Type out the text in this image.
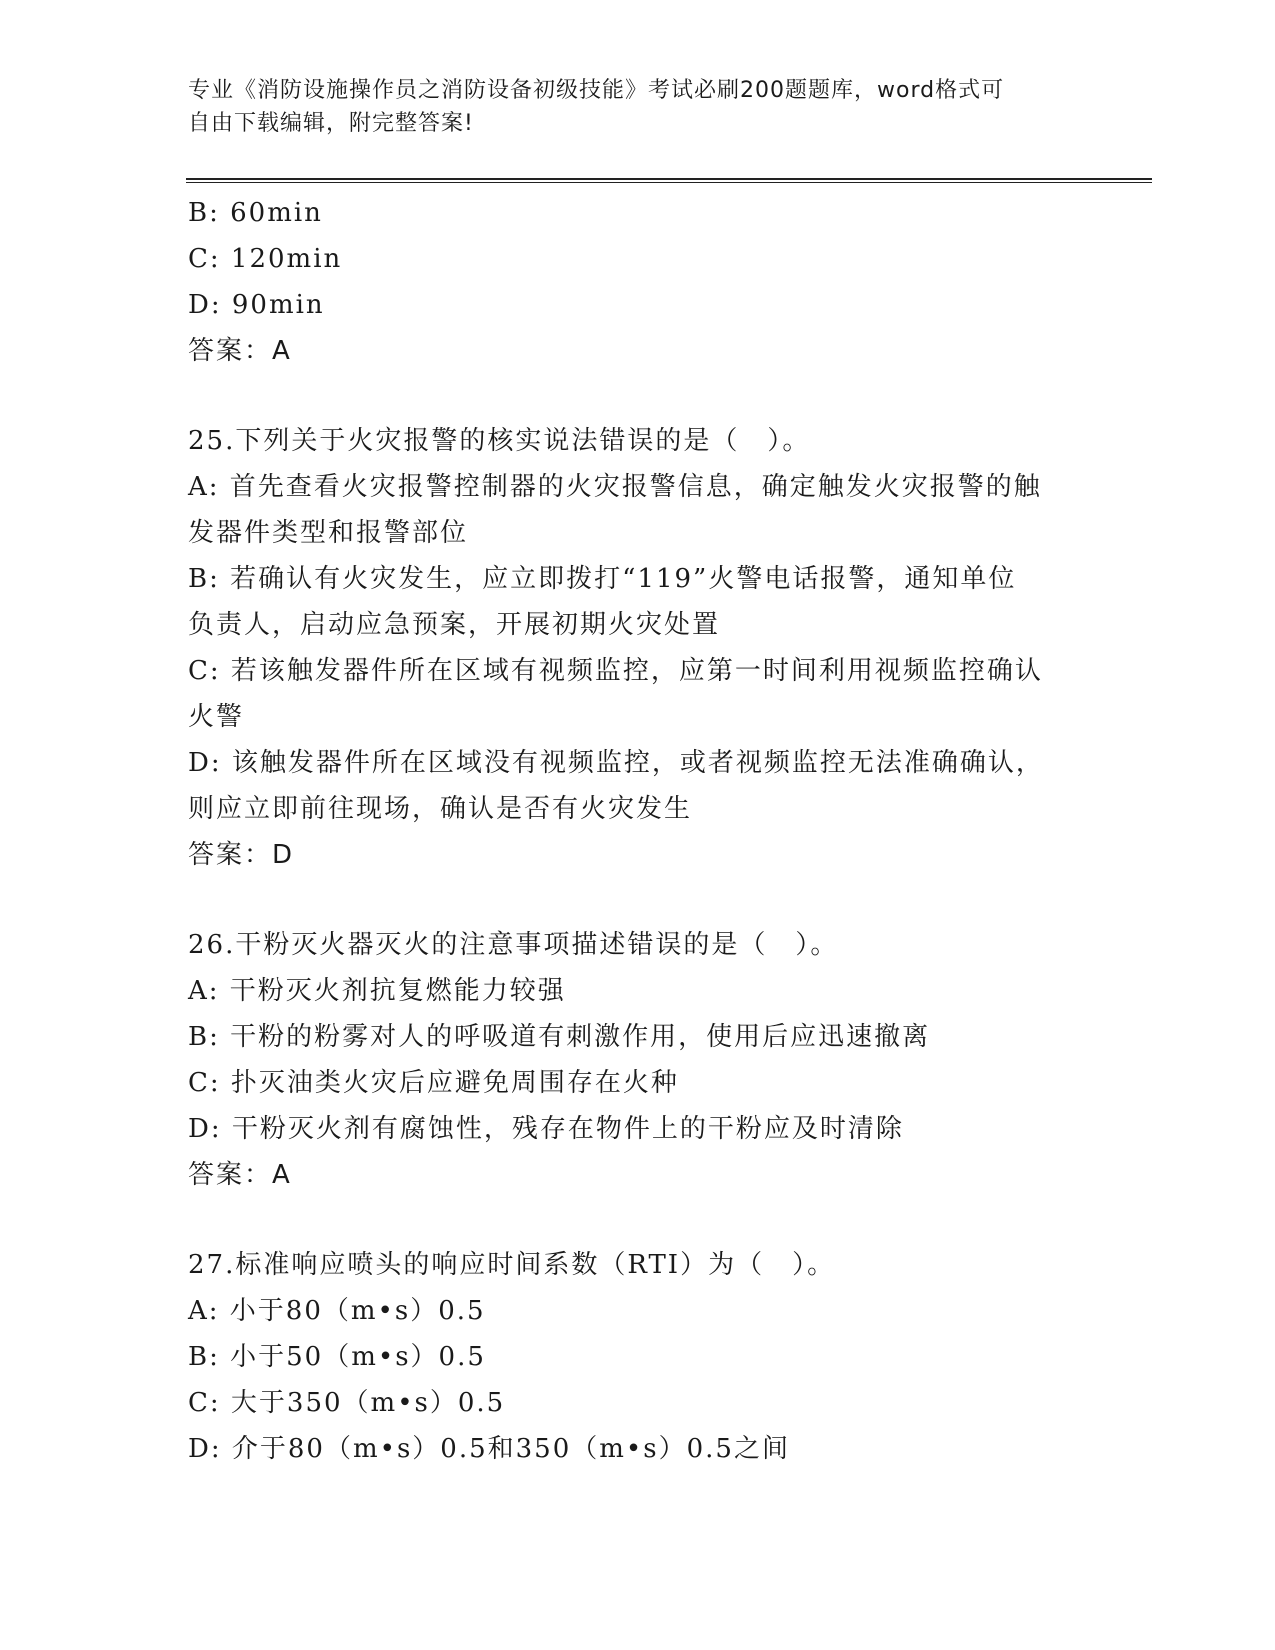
专业《消防设施操作员之消防设备初级技能》考试必刷200题题库，word格式可
自由下载编辑，附完整答案!

B: 60min

C: 120min

D: 90min

答案：A

25.下列关于火灾报警的核实说法错误的是（　）。

A: 首先查看火灾报警控制器的火灾报警信息，确定触发火灾报警的触

发器件类型和报警部位

B: 若确认有火灾发生，应立即拨打“119”火警电话报警，通知单位

负责人，启动应急预案，开展初期火灾处置

C: 若该触发器件所在区域有视频监控，应第一时间利用视频监控确认

火警

D: 该触发器件所在区域没有视频监控，或者视频监控无法准确确认，

则应立即前往现场，确认是否有火灾发生

答案：D

26.干粉灭火器灭火的注意事项描述错误的是（　）。

A: 干粉灭火剂抗复燃能力较强

B: 干粉的粉雾对人的呼吸道有刺激作用，使用后应迅速撤离

C: 扑灭油类火灾后应避免周围存在火种

D: 干粉灭火剂有腐蚀性，残存在物件上的干粉应及时清除

答案：A

27.标准响应喷头的响应时间系数（RTI）为（　）。

A: 小于80（m•s）0.5

B: 小于50（m•s）0.5

C: 大于350（m•s）0.5

D: 介于80（m•s）0.5和350（m•s）0.5之间
